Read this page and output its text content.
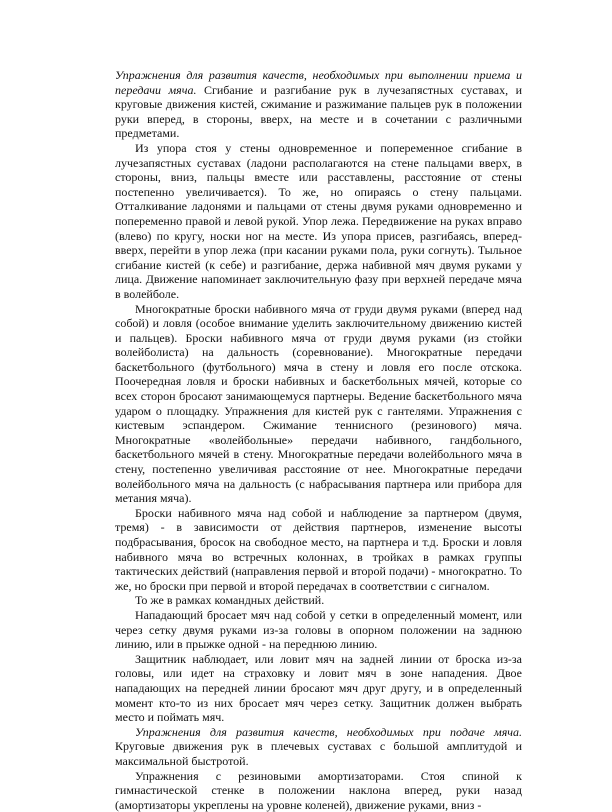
Упражнения для развития качеств, необходимых при выполнении приема и передачи мяча. Сгибание и разгибание рук в лучезапястных суставах, и круговые движения кистей, сжимание и разжимание пальцев рук в положении руки вперед, в стороны, вверх, на месте и в сочетании с различными предметами.

Из упора стоя у стены одновременное и попеременное сгибание в лучезапястных суставах (ладони располагаются на стене пальцами вверх, в стороны, вниз, пальцы вместе или расставлены, расстояние от стены постепенно увеличивается). То же, но опираясь о стену пальцами. Отталкивание ладонями и пальцами от стены двумя руками одновременно и попеременно правой и левой рукой. Упор лежа. Передвижение на руках вправо (влево) по кругу, носки ног на месте. Из упора присев, разгибаясь, вперед-вверх, перейти в упор лежа (при касании руками пола, руки согнуть). Тыльное сгибание кистей (к себе) и разгибание, держа набивной мяч двумя руками у лица. Движение напоминает заключительную фазу при верхней передаче мяча в волейболе.

Многократные броски набивного мяча от груди двумя руками (вперед над собой) и ловля (особое внимание уделить заключительному движению кистей и пальцев). Броски набивного мяча от груди двумя руками (из стойки волейболиста) на дальность (соревнование). Многократные передачи баскетбольного (футбольного) мяча в стену и ловля его после отскока. Поочередная ловля и броски набивных и баскетбольных мячей, которые со всех сторон бросают занимающемуся партнеры. Ведение баскетбольного мяча ударом о площадку. Упражнения для кистей рук с гантелями. Упражнения с кистевым эспандером. Сжимание теннисного (резинового) мяча. Многократные «волейбольные» передачи набивного, гандбольного, баскетбольного мячей в стену. Многократные передачи волейбольного мяча в стену, постепенно увеличивая расстояние от нее. Многократные передачи волейбольного мяча на дальность (с набрасывания партнера или прибора для метания мяча).

Броски набивного мяча над собой и наблюдение за партнером (двумя, тремя) - в зависимости от действия партнеров, изменение высоты подбрасывания, бросок на свободное место, на партнера и т.д. Броски и ловля набивного мяча во встречных колоннах, в тройках в рамках группы тактических действий (направления первой и второй подачи) - многократно. То же, но броски при первой и второй передачах в соответствии с сигналом.

То же в рамках командных действий.

Нападающий бросает мяч над собой у сетки в определенный момент, или через сетку двумя руками из-за головы в опорном положении на заднюю линию, или в прыжке одной - на переднюю линию.

Защитник наблюдает, или ловит мяч на задней линии от броска из-за головы, или идет на страховку и ловит мяч в зоне нападения. Двое нападающих на передней линии бросают мяч друг другу, и в определенный момент кто-то из них бросает мяч через сетку. Защитник должен выбрать место и поймать мяч.

Упражнения для развития качеств, необходимых при подаче мяча. Круговые движения рук в плечевых суставах с большой амплитудой и максимальной быстротой.

Упражнения с резиновыми амортизаторами. Стоя спиной к гимнастической стенке в положении наклона вперед, руки назад (амортизаторы укреплены на уровне коленей), движение руками, вниз -
